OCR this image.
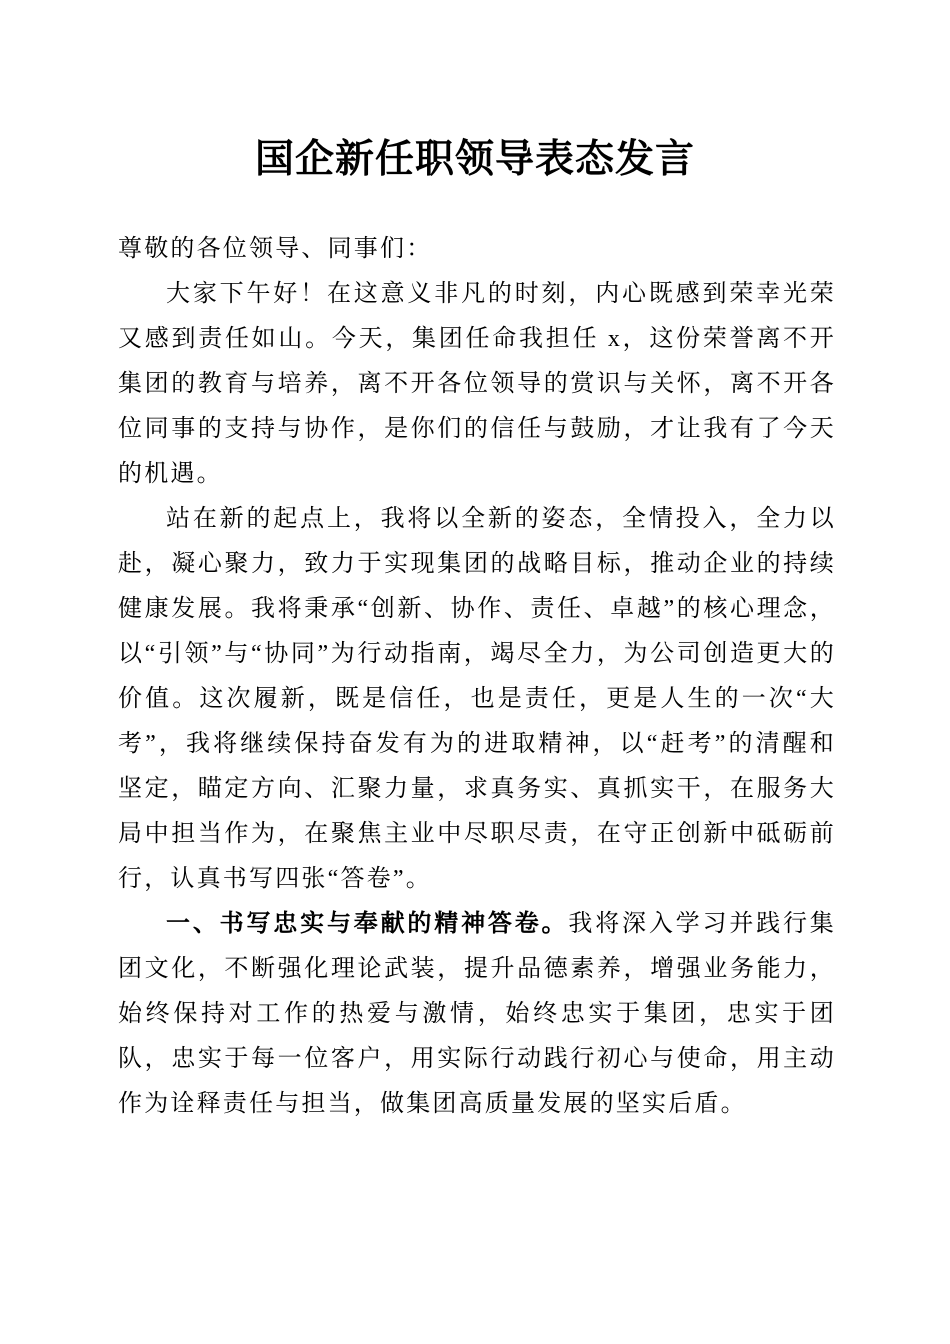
国企新任职领导表态发言

尊敬的各位领导、同事们：

大家下午好！在这意义非凡的时刻，内心既感到荣幸光荣又感到责任如山。今天，集团任命我担任 x，这份荣誉离不开集团的教育与培养，离不开各位领导的赏识与关怀，离不开各位同事的支持与协作，是你们的信任与鼓励，才让我有了今天的机遇。

站在新的起点上，我将以全新的姿态，全情投入，全力以赴，凝心聚力，致力于实现集团的战略目标，推动企业的持续健康发展。我将秉承“创新、协作、责任、卓越”的核心理念，以“引领”与“协同”为行动指南，竭尽全力，为公司创造更大的价值。这次履新，既是信任，也是责任，更是人生的一次“大考”，我将继续保持奋发有为的进取精神，以“赶考”的清醒和坚定，瞄定方向、汇聚力量，求真务实、真抓实干，在服务大局中担当作为，在聚焦主业中尽职尽责，在守正创新中砥砺前行，认真书写四张“答卷”。

一、书写忠实与奉献的精神答卷。我将深入学习并践行集团文化，不断强化理论武装，提升品德素养，增强业务能力，始终保持对工作的热爱与激情，始终忠实于集团，忠实于团队，忠实于每一位客户，用实际行动践行初心与使命，用主动作为诠释责任与担当，做集团高质量发展的坚实后盾。
